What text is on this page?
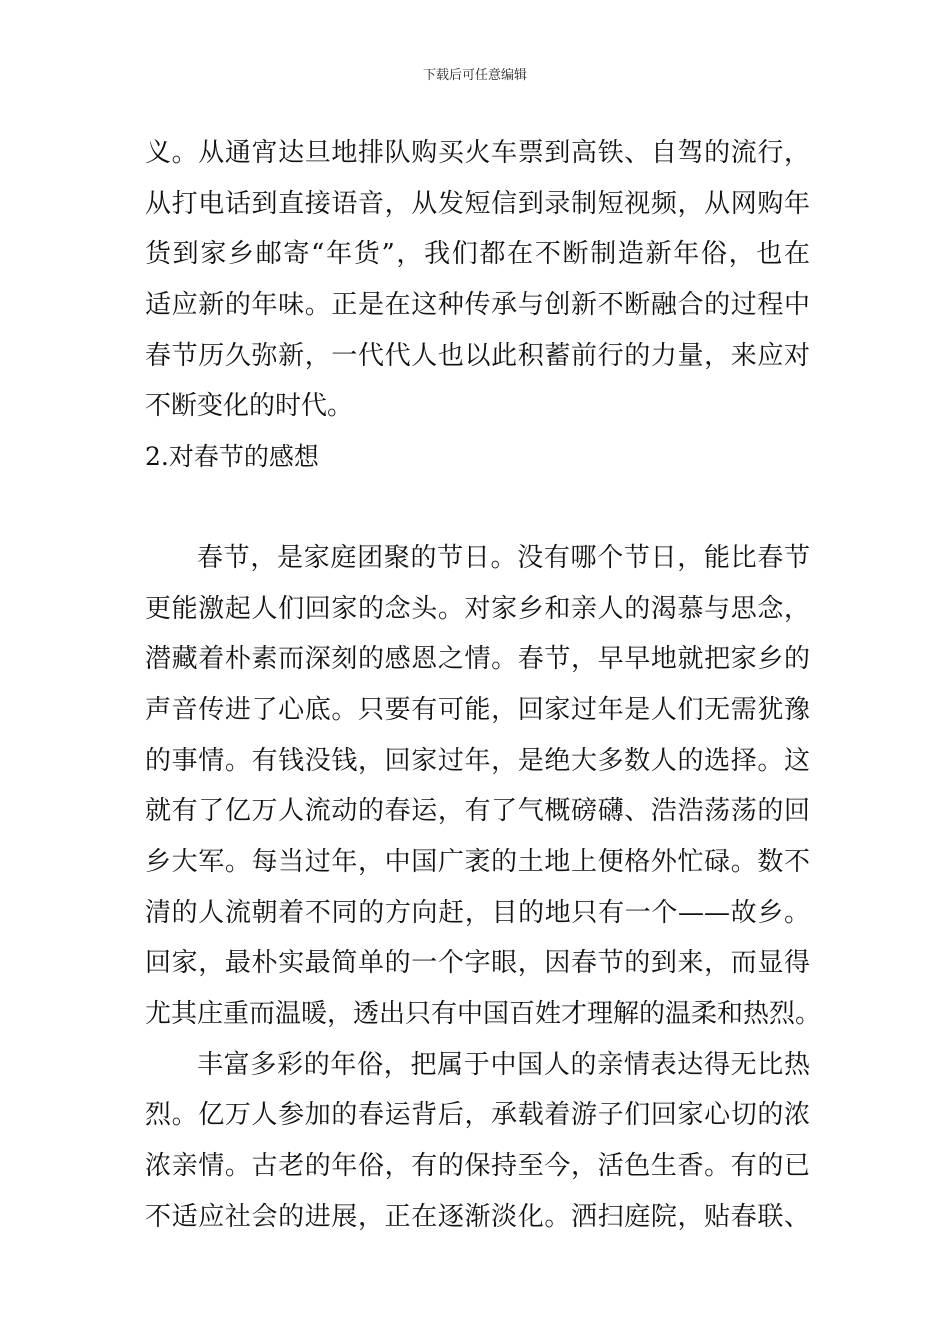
下载后可任意编辑
义。从通宵达旦地排队购买火车票到高铁、自驾的流行，
从打电话到直接语音，从发短信到录制短视频，从网购年
货到家乡邮寄“年货”，我们都在不断制造新年俗，也在
适应新的年味。正是在这种传承与创新不断融合的过程中
春节历久弥新，一代代人也以此积蓄前行的力量，来应对
不断变化的时代。
2.对春节的感想
春节，是家庭团聚的节日。没有哪个节日，能比春节
更能激起人们回家的念头。对家乡和亲人的渴慕与思念，
潜藏着朴素而深刻的感恩之情。春节，早早地就把家乡的
声音传进了心底。只要有可能，回家过年是人们无需犹豫
的事情。有钱没钱，回家过年，是绝大多数人的选择。这
就有了亿万人流动的春运，有了气概磅礴、浩浩荡荡的回
乡大军。每当过年，中国广袤的土地上便格外忙碌。数不
清的人流朝着不同的方向赶，目的地只有一个——故乡。
回家，最朴实最简单的一个字眼，因春节的到来，而显得
尤其庄重而温暖，透出只有中国百姓才理解的温柔和热烈。
丰富多彩的年俗，把属于中国人的亲情表达得无比热
烈。亿万人参加的春运背后，承载着游子们回家心切的浓
浓亲情。古老的年俗，有的保持至今，活色生香。有的已
不适应社会的进展，正在逐渐淡化。洒扫庭院，贴春联、
